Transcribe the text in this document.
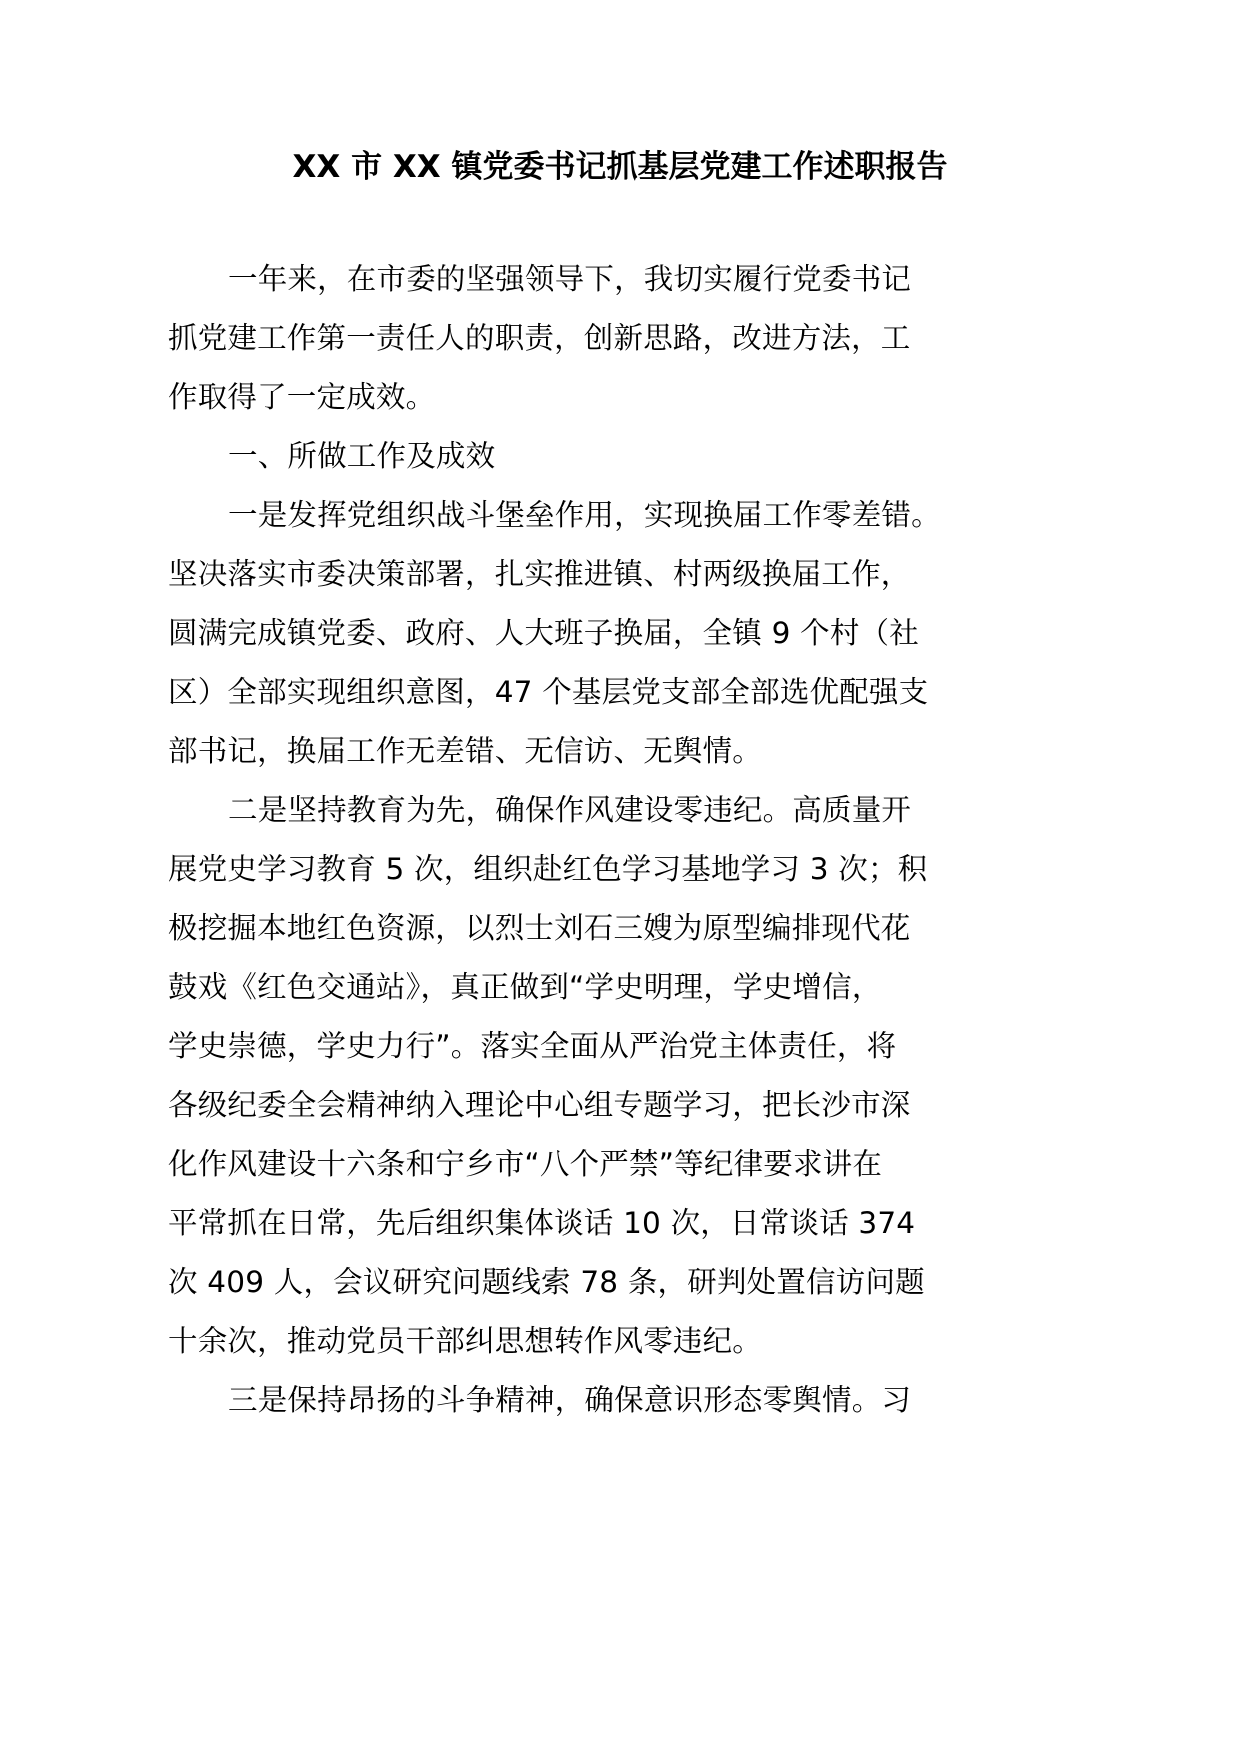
XX 市 XX 镇党委书记抓基层党建工作述职报告
一年来，在市委的坚强领导下，我切实履行党委书记
抓党建工作第一责任人的职责，创新思路，改进方法，工
作取得了一定成效。
一、所做工作及成效
一是发挥党组织战斗堡垒作用，实现换届工作零差错。
坚决落实市委决策部署，扎实推进镇、村两级换届工作，
圆满完成镇党委、政府、人大班子换届，全镇 9 个村（社
区）全部实现组织意图，47 个基层党支部全部选优配强支
部书记，换届工作无差错、无信访、无舆情。
二是坚持教育为先，确保作风建设零违纪。高质量开
展党史学习教育 5 次，组织赴红色学习基地学习 3 次；积
极挖掘本地红色资源，以烈士刘石三嫂为原型编排现代花
鼓戏《红色交通站》，真正做到“学史明理，学史增信，
学史崇德，学史力行”。落实全面从严治党主体责任，将
各级纪委全会精神纳入理论中心组专题学习，把长沙市深
化作风建设十六条和宁乡市“八个严禁”等纪律要求讲在
平常抓在日常，先后组织集体谈话 10 次，日常谈话 374
次 409 人，会议研究问题线索 78 条，研判处置信访问题
十余次，推动党员干部纠思想转作风零违纪。
三是保持昂扬的斗争精神，确保意识形态零舆情。习
